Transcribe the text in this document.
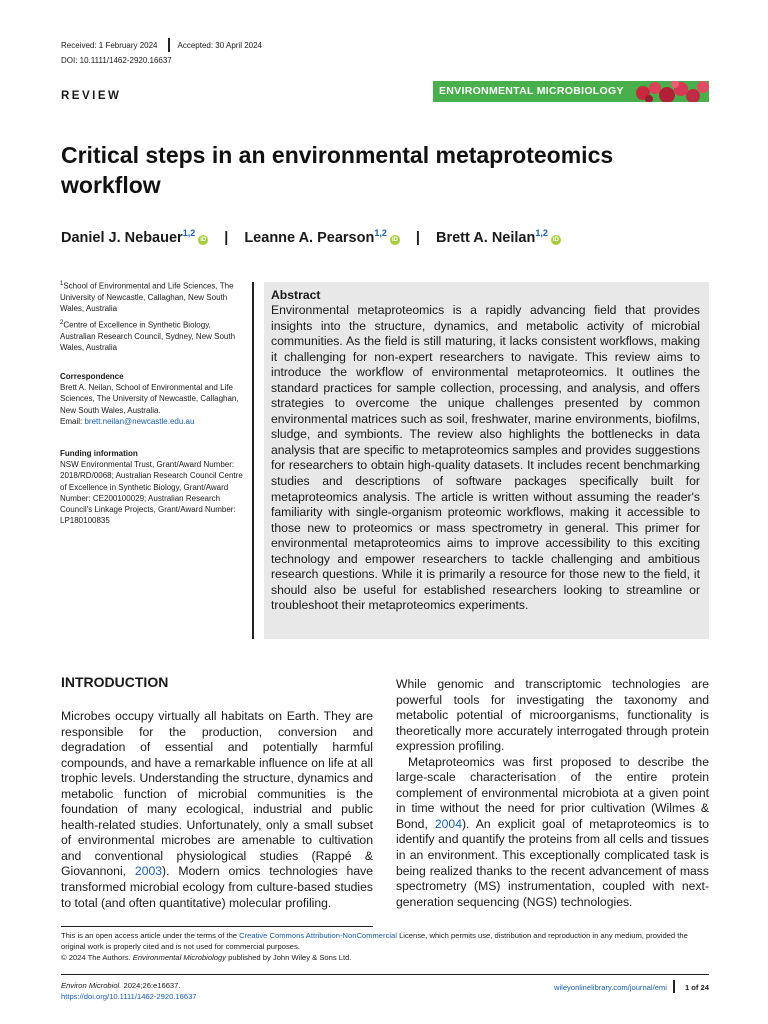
Received: 1 February 2024	Accepted: 30 April 2024
DOI: 10.1111/1462-2920.16637
REVIEW	ENVIRONMENTAL MICROBIOLOGY
Critical steps in an environmental metaproteomics workflow
Daniel J. Nebauer$^{1,2}$iD | Leanne A. Pearson$^{1,2}$iD | Brett A. Neilan$^{1,2}$iD
$^1$School of Environmental and Life Sciences, The University of Newcastle, Callaghan, New South Wales, Australia
$^2$Centre of Excellence in Synthetic Biology, Australian Research Council, Sydney, New South Wales, Australia
Correspondence
Brett A. Neilan, School of Environmental and Life Sciences, The University of Newcastle, Callaghan, New South Wales, Australia.
Email: brett.neilan@newcastle.edu.au
Funding information
NSW Environmental Trust, Grant/Award Number: 2018/RD/0068; Australian Research Council Centre of Excellence in Synthetic Biology, Grant/Award Number: CE200100029; Australian Research Council's Linkage Projects, Grant/Award Number: LP180100835
Abstract
Environmental metaproteomics is a rapidly advancing field that provides insights into the structure, dynamics, and metabolic activity of microbial communities. As the field is still maturing, it lacks consistent workflows, making it challenging for non-expert researchers to navigate. This review aims to introduce the workflow of environmental metaproteomics. It outlines the standard practices for sample collection, processing, and analysis, and offers strategies to overcome the unique challenges presented by common environmental matrices such as soil, freshwater, marine environments, biofilms, sludge, and symbionts. The review also highlights the bottlenecks in data analysis that are specific to metaproteomics samples and provides suggestions for researchers to obtain high-quality datasets. It includes recent benchmarking studies and descriptions of software packages specifically built for metaproteomics analysis. The article is written without assuming the reader's familiarity with single-organism proteomic workflows, making it accessible to those new to proteomics or mass spectrometry in general. This primer for environmental metaproteomics aims to improve accessibility to this exciting technology and empower researchers to tackle challenging and ambitious research questions. While it is primarily a resource for those new to the field, it should also be useful for established researchers looking to streamline or troubleshoot their metaproteomics experiments.
INTRODUCTION
Microbes occupy virtually all habitats on Earth. They are responsible for the production, conversion and degradation of essential and potentially harmful compounds, and have a remarkable influence on life at all trophic levels. Understanding the structure, dynamics and metabolic function of microbial communities is the foundation of many ecological, industrial and public health-related studies. Unfortunately, only a small subset of environmental microbes are amenable to cultivation and conventional physiological studies (Rappé & Giovannoni, 2003). Modern omics technologies have transformed microbial ecology from culture-based studies to total (and often quantitative) molecular profiling.
While genomic and transcriptomic technologies are powerful tools for investigating the taxonomy and metabolic potential of microorganisms, functionality is theoretically more accurately interrogated through protein expression profiling.
Metaproteomics was first proposed to describe the large-scale characterisation of the entire protein complement of environmental microbiota at a given point in time without the need for prior cultivation (Wilmes & Bond, 2004). An explicit goal of metaproteomics is to identify and quantify the proteins from all cells and tissues in an environment. This exceptionally complicated task is being realized thanks to the recent advancement of mass spectrometry (MS) instrumentation, coupled with next-generation sequencing (NGS) technologies.
This is an open access article under the terms of the Creative Commons Attribution-NonCommercial License, which permits use, distribution and reproduction in any medium, provided the original work is properly cited and is not used for commercial purposes.
© 2024 The Authors. Environmental Microbiology published by John Wiley & Sons Ltd.
Environ Microbiol. 2024;26:e16637.
https://doi.org/10.1111/1462-2920.16637
wileyonlinelibrary.com/journal/emi 1 of 24
